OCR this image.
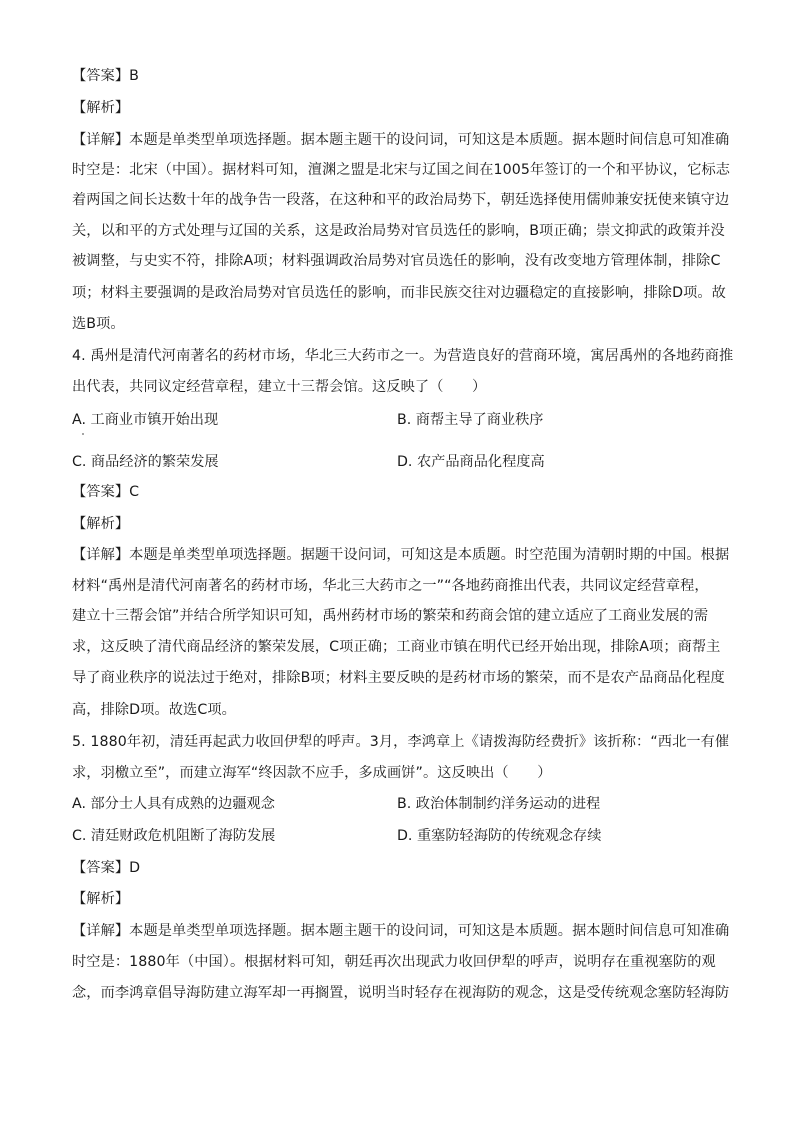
【答案】B
【解析】
【详解】本题是单类型单项选择题。据本题主题干的设问词，可知这是本质题。据本题时间信息可知准确
时空是：北宋（中国）。据材料可知，澶渊之盟是北宋与辽国之间在1005年签订的一个和平协议，它标志
着两国之间长达数十年的战争告一段落，在这种和平的政治局势下，朝廷选择使用儒帅兼安抚使来镇守边
关，以和平的方式处理与辽国的关系，这是政治局势对官员选任的影响，B项正确；崇文抑武的政策并没
被调整，与史实不符，排除A项；材料强调政治局势对官员选任的影响，没有改变地方管理体制，排除C
项；材料主要强调的是政治局势对官员选任的影响，而非民族交往对边疆稳定的直接影响，排除D项。故
选B项。
4. 禹州是清代河南著名的药材市场，华北三大药市之一。为营造良好的营商环境，寓居禹州的各地药商推
出代表，共同议定经营章程，建立十三帮会馆。这反映了（　　）
A. 工商业市镇开始出现	B. 商帮主导了商业秩序
C. 商品经济的繁荣发展	D. 农产品商品化程度高
【答案】C
【解析】
【详解】本题是单类型单项选择题。据题干设问词，可知这是本质题。时空范围为清朝时期的中国。根据
材料“禹州是清代河南著名的药材市场，华北三大药市之一”“各地药商推出代表，共同议定经营章程，
建立十三帮会馆”并结合所学知识可知，禹州药材市场的繁荣和药商会馆的建立适应了工商业发展的需
求，这反映了清代商品经济的繁荣发展，C项正确；工商业市镇在明代已经开始出现，排除A项；商帮主
导了商业秩序的说法过于绝对，排除B项；材料主要反映的是药材市场的繁荣，而不是农产品商品化程度
高，排除D项。故选C项。
5. 1880年初，清廷再起武力收回伊犁的呼声。3月，李鸿章上《请拨海防经费折》该折称：“西北一有催
求，羽檄立至”，而建立海军“终因款不应手，多成画饼”。这反映出（　　）
A. 部分士人具有成熟的边疆观念	B. 政治体制制约洋务运动的进程
C. 清廷财政危机阻断了海防发展	D. 重塞防轻海防的传统观念存续
【答案】D
【解析】
【详解】本题是单类型单项选择题。据本题主题干的设问词，可知这是本质题。据本题时间信息可知准确
时空是：1880年（中国）。根据材料可知，朝廷再次出现武力收回伊犁的呼声，说明存在重视塞防的观
念，而李鸿章倡导海防建立海军却一再搁置，说明当时轻存在视海防的观念，这是受传统观念塞防轻海防
